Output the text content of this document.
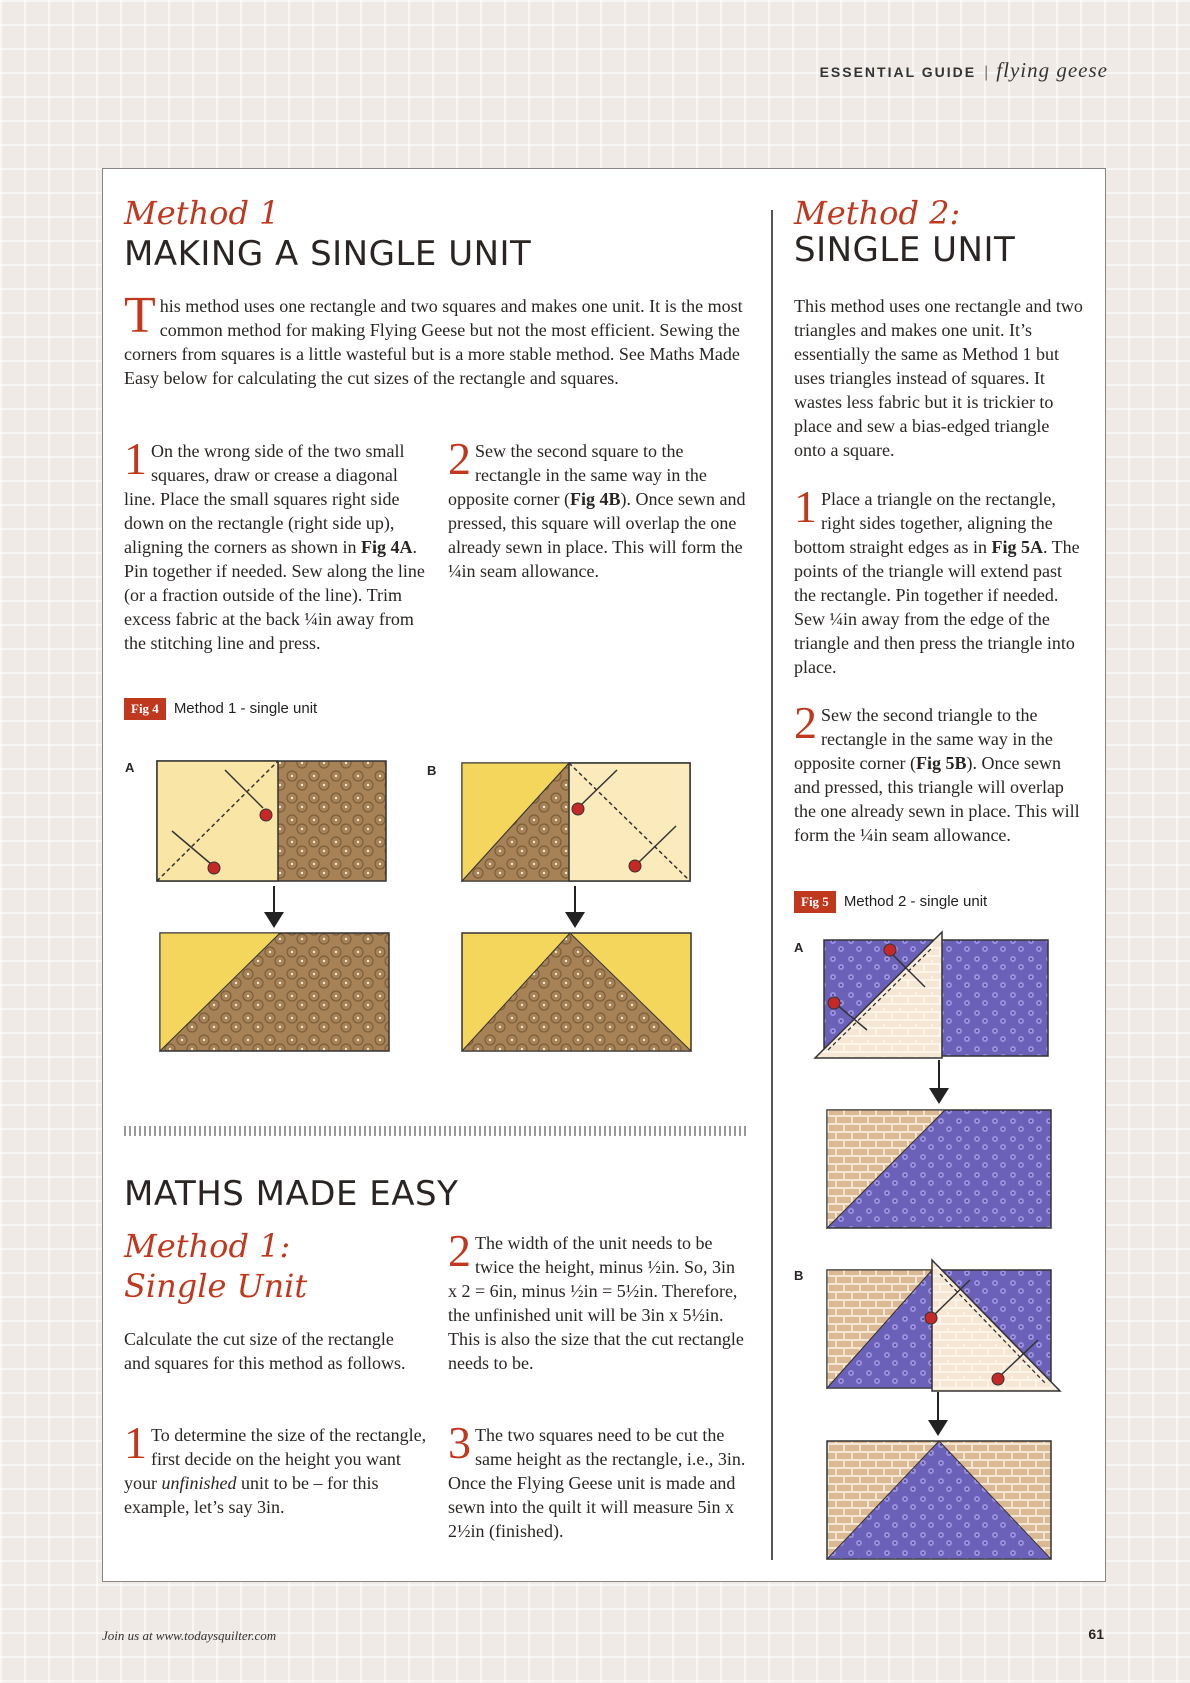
ESSENTIAL GUIDE | flying geese
Method 1
MAKING A SINGLE UNIT

This method uses one rectangle and two squares and makes one unit. It is the most common method for making Flying Geese but not the most efficient. Sewing the corners from squares is a little wasteful but is a more stable method. See Maths Made Easy below for calculating the cut sizes of the rectangle and squares.

1 On the wrong side of the two small squares, draw or crease a diagonal line. Place the small squares right side down on the rectangle (right side up), aligning the corners as shown in Fig 4A. Pin together if needed. Sew along the line (or a fraction outside of the line). Trim excess fabric at the back ¼in away from the stitching line and press.

2 Sew the second square to the rectangle in the same way in the opposite corner (Fig 4B). Once sewn and pressed, this square will overlap the one already sewn in place. This will form the ¼in seam allowance.

Fig 4 Method 1 - single unit
A	B
MATHS MADE EASY
Method 1:
Single Unit

Calculate the cut size of the rectangle and squares for this method as follows.

1 To determine the size of the rectangle, first decide on the height you want your unfinished unit to be – for this example, let’s say 3in.

2 The width of the unit needs to be twice the height, minus ½in. So, 3in x 2 = 6in, minus ½in = 5½in. Therefore, the unfinished unit will be 3in x 5½in. This is also the size that the cut rectangle needs to be.

3 The two squares need to be cut the same height as the rectangle, i.e., 3in. Once the Flying Geese unit is made and sewn into the quilt it will measure 5in x 2½in (finished).

Method 2:
SINGLE UNIT

This method uses one rectangle and two triangles and makes one unit. It’s essentially the same as Method 1 but uses triangles instead of squares. It wastes less fabric but it is trickier to place and sew a bias-edged triangle onto a square.

1 Place a triangle on the rectangle, right sides together, aligning the bottom straight edges as in Fig 5A. The points of the triangle will extend past the rectangle. Pin together if needed. Sew ¼in away from the edge of the triangle and then press the triangle into place.

2 Sew the second triangle to the rectangle in the same way in the opposite corner (Fig 5B). Once sewn and pressed, this triangle will overlap the one already sewn in place. This will form the ¼in seam allowance.

Fig 5 Method 2 - single unit
A
B
Join us at www.todaysquilter.com	61
